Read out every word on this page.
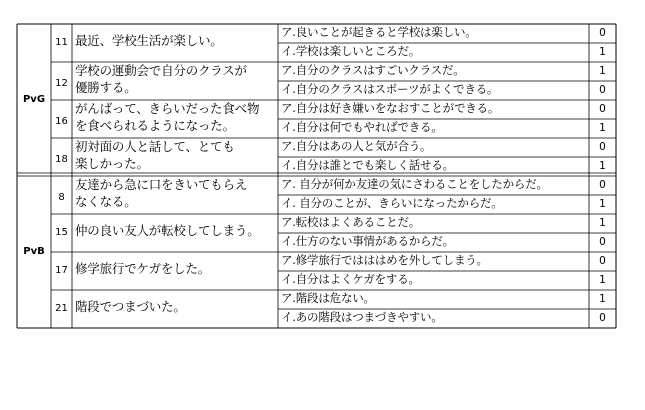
PvG
11 最近、学校生活が楽しい。
ア.良いことが起きると学校は楽しい。	0
イ.学校は楽しいところだ。	1
12
学校の運動会で自分のクラスが
優勝する。
ア.自分のクラスはすごいクラスだ。	1
イ.自分のクラスはスポーツがよくできる。	0
16
がんばって、きらいだった食べ物
を食べられるようになった。
ア.自分は好き嫌いをなおすことができる。	0
イ.自分は何でもやればできる。	1
18
初対面の人と話して、とても
楽しかった。
ア.自分はあの人と気が合う。	0
イ.自分は誰とでも楽しく話せる。	1
PvB
8
友達から急に口をきいてもらえ
なくなる。
ア. 自分が何か友達の気にさわることをしたからだ。	0
イ. 自分のことが、きらいになったからだ。	1
15 仲の良い友人が転校してしまう。
ア.転校はよくあることだ。	1
イ.仕方のない事情があるからだ。	0
17 修学旅行でケガをした。
ア.修学旅行ではははめを外してしまう。	0
イ.自分はよくケガをする。	1
21 階段でつまづいた。
ア.階段は危ない。	1
イ.あの階段はつまづきやすい。	0
